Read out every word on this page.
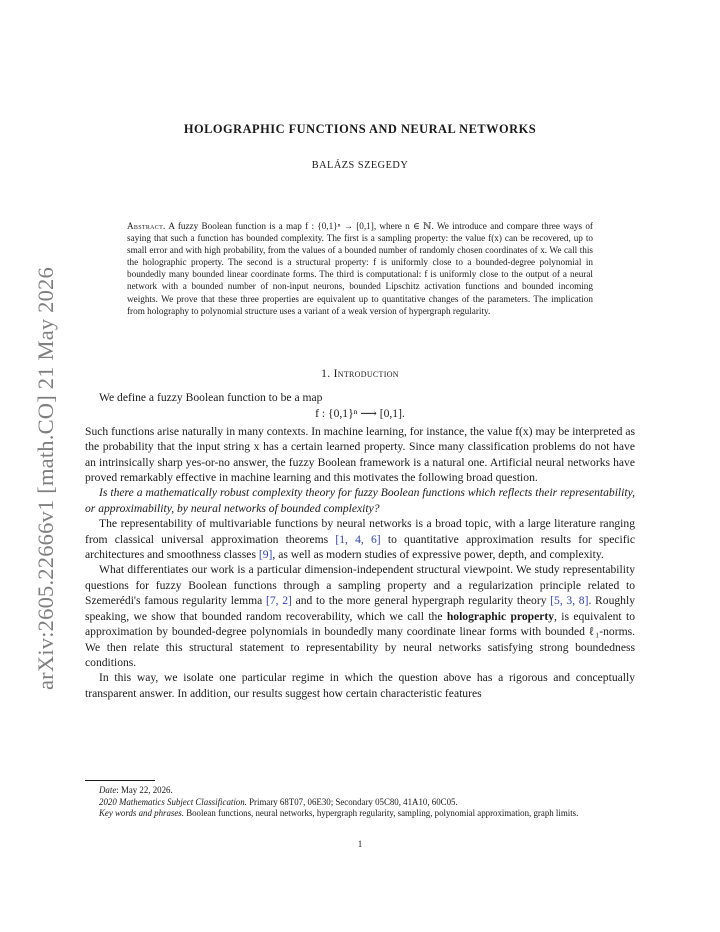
arXiv:2605.22666v1 [math.CO] 21 May 2026
HOLOGRAPHIC FUNCTIONS AND NEURAL NETWORKS
BALÁZS SZEGEDY
Abstract. A fuzzy Boolean function is a map f : {0,1}ⁿ → [0,1], where n ∈ ℕ. We introduce and compare three ways of saying that such a function has bounded complexity. The first is a sampling property: the value f(x) can be recovered, up to small error and with high probability, from the values of a bounded number of randomly chosen coordinates of x. We call this the holographic property. The second is a structural property: f is uniformly close to a bounded-degree polynomial in boundedly many bounded linear coordinate forms. The third is computational: f is uniformly close to the output of a neural network with a bounded number of non-input neurons, bounded Lipschitz activation functions and bounded incoming weights. We prove that these three properties are equivalent up to quantitative changes of the parameters. The implication from holography to polynomial structure uses a variant of a weak version of hypergraph regularity.
1. Introduction

We define a fuzzy Boolean function to be a map

f : {0,1}ⁿ ⟶ [0,1].

Such functions arise naturally in many contexts. In machine learning, for instance, the value f(x) may be interpreted as the probability that the input string x has a certain learned property. Since many classification problems do not have an intrinsically sharp yes-or-no answer, the fuzzy Boolean framework is a natural one. Artificial neural networks have proved remarkably effective in machine learning and this motivates the following broad question.

Is there a mathematically robust complexity theory for fuzzy Boolean functions which reflects their representability, or approximability, by neural networks of bounded complexity?

The representability of multivariable functions by neural networks is a broad topic, with a large literature ranging from classical universal approximation theorems [1, 4, 6] to quantitative approximation results for specific architectures and smoothness classes [9], as well as modern studies of expressive power, depth, and complexity.

What differentiates our work is a particular dimension-independent structural viewpoint. We study representability questions for fuzzy Boolean functions through a sampling property and a regularization principle related to Szemerédi's famous regularity lemma [7, 2] and to the more general hypergraph regularity theory [5, 3, 8]. Roughly speaking, we show that bounded random recoverability, which we call the holographic property, is equivalent to approximation by bounded-degree polynomials in boundedly many coordinate linear forms with bounded ℓ₁-norms. We then relate this structural statement to representability by neural networks satisfying strong boundedness conditions.

In this way, we isolate one particular regime in which the question above has a rigorous and conceptually transparent answer. In addition, our results suggest how certain characteristic features

Date: May 22, 2026.

2020 Mathematics Subject Classification. Primary 68T07, 06E30; Secondary 05C80, 41A10, 60C05.

Key words and phrases. Boolean functions, neural networks, hypergraph regularity, sampling, polynomial approximation, graph limits.

1
